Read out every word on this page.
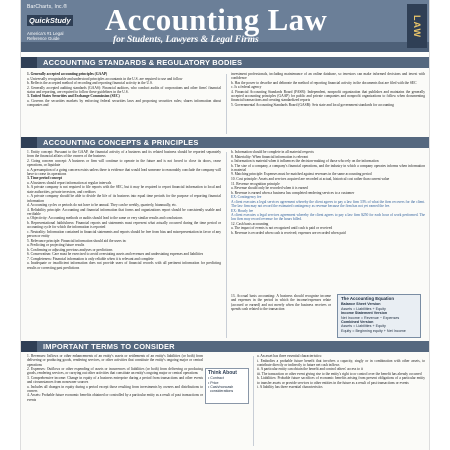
BarCharts, Inc.®
QuickStudy
America's #1 Legal
Reference Guide
Accounting Law
for Students, Lawyers & Legal Firms
LAW
ACCOUNTING STANDARDS & REGULATORY BODIES

1. Generally accepted accounting principles (GAAP)

a. Universally recognizable and understood principles accountants in the U.S. are required to use and follow

b. Reflects the accepted method of recording and reporting financial activity in the U.S.

2. Generally accepted auditing standards (GAAS): Financial auditors, who conduct audits of corporations and other firms' financial status and reporting, are required to follow these guidelines in the U.S.

3. United States Securities and Exchange Commission (SEC)

a. Governs the securities markets by enforcing federal securities laws and proposing securities rules; shares information about companies and

investment professionals, including maintenance of an online database, so investors can make informed decisions and invest with confidence

b. Has the power to describe and delineate the method of reporting financial activity in the documents that are filed with the SEC

c. Is a federal agency

4. Financial Accounting Standards Board (FASB): Independent, nonprofit organization that publishes and maintains the generally accepted accounting principles (GAAP) for public and private companies and nonprofit organizations to follow when documenting financial transactions and creating standardized reports

5. Governmental Accounting Standards Board (GASB): Sets state and local government standards for accounting

ACCOUNTING CONCEPTS & PRINCIPLES

1. Entity concept: Pursuant to the GAAP, the financial activity of a business and its related business should be reported separately from the financial affairs of the owners of the business

2. Going concern concept: A business or firm will continue to operate in the future and is not forced to close its doors, cease operations, or liquidate

a. A presumption of a going concern exists unless there is evidence that would lead someone to reasonably conclude the company will have to cease its operations

3. Time period concept

a. A business should report information at regular intervals

b. A private company is not required to file reports with the SEC, but it may be required to report financial information to local and state authorities, private investors, and creditors

c. A private company should be able to divide the life of its business into equal time periods for the purpose of reporting financial information

d. Accounting cycles or periods do not have to be annual. They can be weekly, quarterly, biannually, etc.

4. Reliability principle: Accounting and financial information that forms and organizations report should be consistently usable and verifiable

a. Objectivity: Accounting methods or audits should lead to the same or very similar results and conclusions

b. Representational faithfulness: Financial reports and statements must represent what actually occurred during the time period or accounting cycle for which the information is reported

c. Neutrality: Information contained in financial statements and reports should be free from bias and misrepresentation in favor of any person or entity

5. Relevance principle: Financial information should aid the users in:

a. Predicting or projecting future results

b. Confirming or adjusting previous analyses or predictions

6. Conservatism: Care must be exercised to avoid overstating assets and revenues and understating expenses and liabilities

7. Completeness: Financial information is only reliable when it is relevant and complete

a. Inadequate or insufficient information does not provide users of financial records with all pertinent information for predicting results or correcting past predictions

b. Information should be complete in all material respects

8. Materiality: When financial information is relevant

a. Information is material when it influences the decision-making of those who rely on the information

b. The size of a company, a company's financial operations, and the industry in which a company operates informs when information is material

9. Matching principle: Expenses must be matched against revenues in the same accounting period

10. Cost principle: Assets and services acquired are recorded at actual, historical cost rather than current value

11. Revenue recognition principle

a. Revenue should only be recorded when it is earned

b. Revenue is earned when a business has completed rendering services to a customer

EX: Contingency fee

A client executes a legal services agreement whereby the client agrees to pay a law firm 33% of what the firm recovers for the client. The law firm may not record the estimated contingency as revenue because the firm has not yet earned the fee.

EX: Hourly fee

A client executes a legal services agreement whereby the client agrees to pay a law firm $250 for each hour of work performed. The law firm may record revenue for the hours billed.

12. Cash basis accounting

a. The impact of events is not recognized until cash is paid or received

b. Revenue is recorded when cash is received; expenses are recorded when paid

13. Accrual basis accounting: A business should recognize income and expenses in the period in which the income/expenses relate (accrued or earned) and not merely when the business receives or spends cash related to the transaction

The Accounting Equation
Balance Sheet Version
Assets = Liabilities + Equity
Income Statement Version
Net Income = Revenue − Expenses
Combined Version
Assets = Liabilities + Equity
Equity = Beginning equity + Net Income
IMPORTANT TERMS TO CONSIDER

1. Revenues: Inflows or other enhancements of an entity's assets or settlements of an entity's liabilities (or both) from delivering or producing goods, rendering services, or other activities that constitute the entity's ongoing major or central operations

2. Expenses: Outflows or other expending of assets or incurrences of liabilities (or both) from delivering or producing goods, rendering services, or carrying out other activities that constitute an entity's ongoing major or central operations

3. Comprehensive income: Change in equity of a business enterprise during a period from transactions and other events and circumstances from nonowner sources

a. Includes all changes in equity during a period except those resulting from investments by owners and distributions to owners

4. Assets: Probable future economic benefits obtained or controlled by a particular entity as a result of past transactions or events

a. An asset has three essential characteristics:

i. Embodies a probable future benefit that involves a capacity, singly or in combination with other assets, to contribute directly or indirectly to future net cash inflows

ii. A particular entity can obtain the benefit and control others' access to it

iii. The transaction or other event giving rise to the entity's right to or control over the benefit has already occurred

b. Liabilities: Probable future sacrifices of economic benefits arising from present obligations of a particular entity to transfer assets or provide services to other entities in the future as a result of past transactions or events

i. A liability has three essential characteristics

Think About
• Contract
• Price
• Cash/noncash
considerations
